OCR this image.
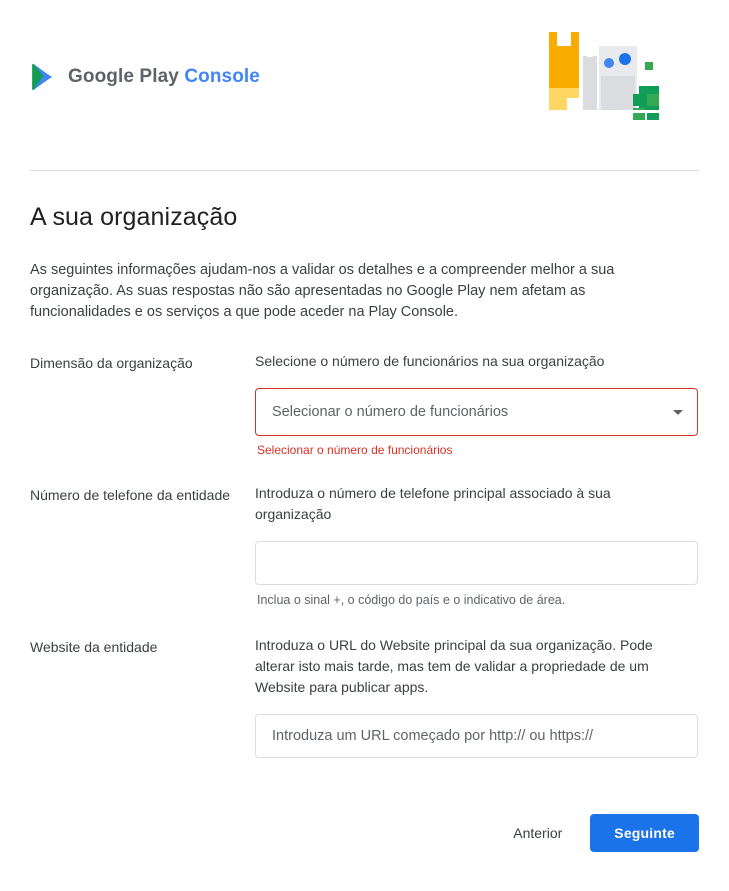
Google Play Console
A sua organização

As seguintes informações ajudam-nos a validar os detalhes e a compreender melhor a sua organização. As suas respostas não são apresentadas no Google Play nem afetam as funcionalidades e os serviços a que pode aceder na Play Console.

Dimensão da organização	Selecione o número de funcionários na sua organização
Selecionar o número de funcionários
Selecionar o número de funcionários
Número de telefone da entidade	Introduza o número de telefone principal associado à sua organização
Inclua o sinal +, o código do país e o indicativo de área.
Website da entidade	Introduza o URL do Website principal da sua organização. Pode alterar isto mais tarde, mas tem de validar a propriedade de um Website para publicar apps.
Introduza um URL começado por http:// ou https://
Anterior	Seguinte
